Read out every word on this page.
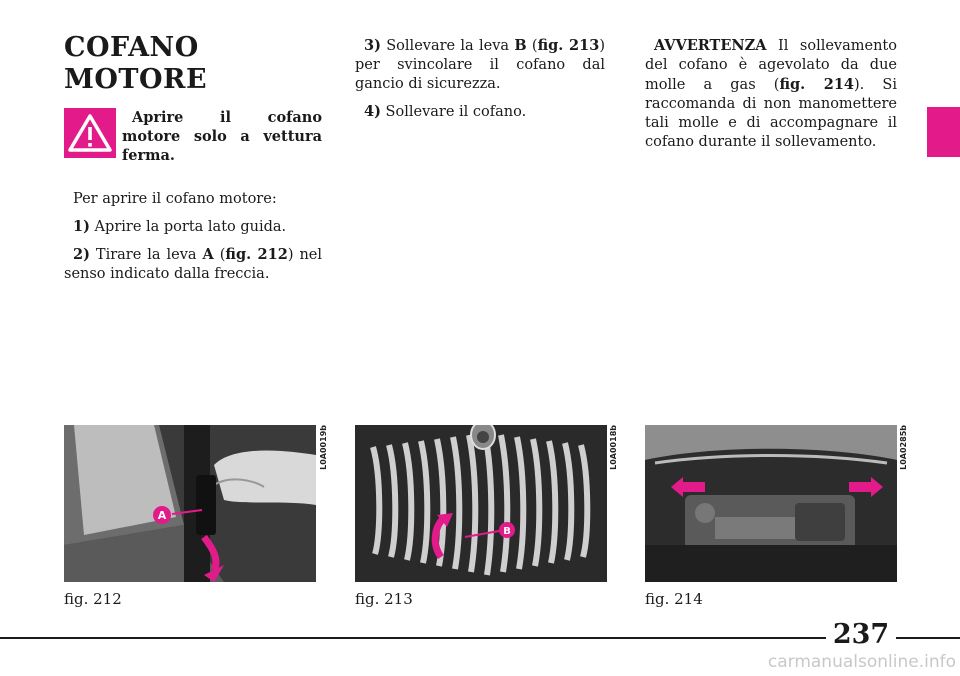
COFANO
MOTORE
Aprire il cofano motore solo a vettura ferma.

Per aprire il cofano motore:

1) Aprire la porta lato guida.

2) Tirare la leva A (fig. 212) nel senso indicato dalla freccia.

3) Sollevare la leva B (fig. 213) per svincolare il cofano dal gancio di sicurezza.

4) Sollevare il cofano.

AVVERTENZA Il sollevamento del cofano è agevolato da due molle a gas (fig. 214). Si raccomanda di non manomettere tali molle e di accompagnare il cofano durante il sollevamento.

A
L0A0019b
fig. 212
B
L0A0018b
fig. 213
L0A0285b
fig. 214
237
carmanualsonline.info
